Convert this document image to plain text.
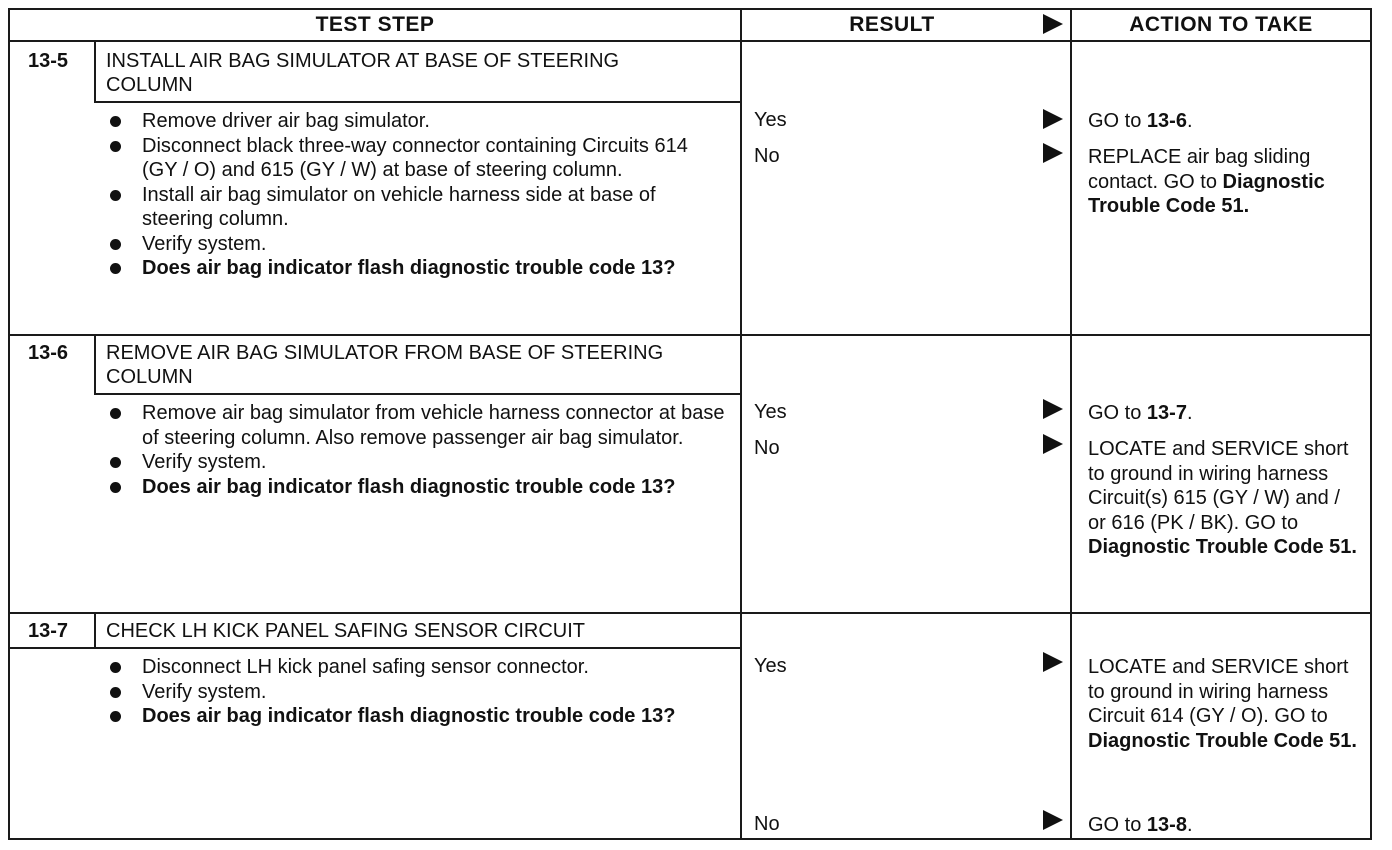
TEST STEP	RESULT	ACTION TO TAKE
13-5 INSTALL AIR BAG SIMULATOR AT BASE OF STEERING COLUMN
Remove driver air bag simulator.
Disconnect black three-way connector containing Circuits 614 (GY / O) and 615 (GY / W) at base of steering column.
Install air bag simulator on vehicle harness side at base of steering column.
Verify system.
Does air bag indicator flash diagnostic trouble code 13?
Yes	GO to 13-6.
No	REPLACE air bag sliding contact. GO to Diagnostic Trouble Code 51.
13-6 REMOVE AIR BAG SIMULATOR FROM BASE OF STEERING COLUMN
Remove air bag simulator from vehicle harness connector at base of steering column. Also remove passenger air bag simulator.
Verify system.
Does air bag indicator flash diagnostic trouble code 13?
Yes	GO to 13-7.
No	LOCATE and SERVICE short to ground in wiring harness Circuit(s) 615 (GY / W) and / or 616 (PK / BK). GO to Diagnostic Trouble Code 51.
13-7 CHECK LH KICK PANEL SAFING SENSOR CIRCUIT
Disconnect LH kick panel safing sensor connector.
Verify system.
Does air bag indicator flash diagnostic trouble code 13?
Yes	LOCATE and SERVICE short to ground in wiring harness Circuit 614 (GY / O). GO to Diagnostic Trouble Code 51.
No	GO to 13-8.
